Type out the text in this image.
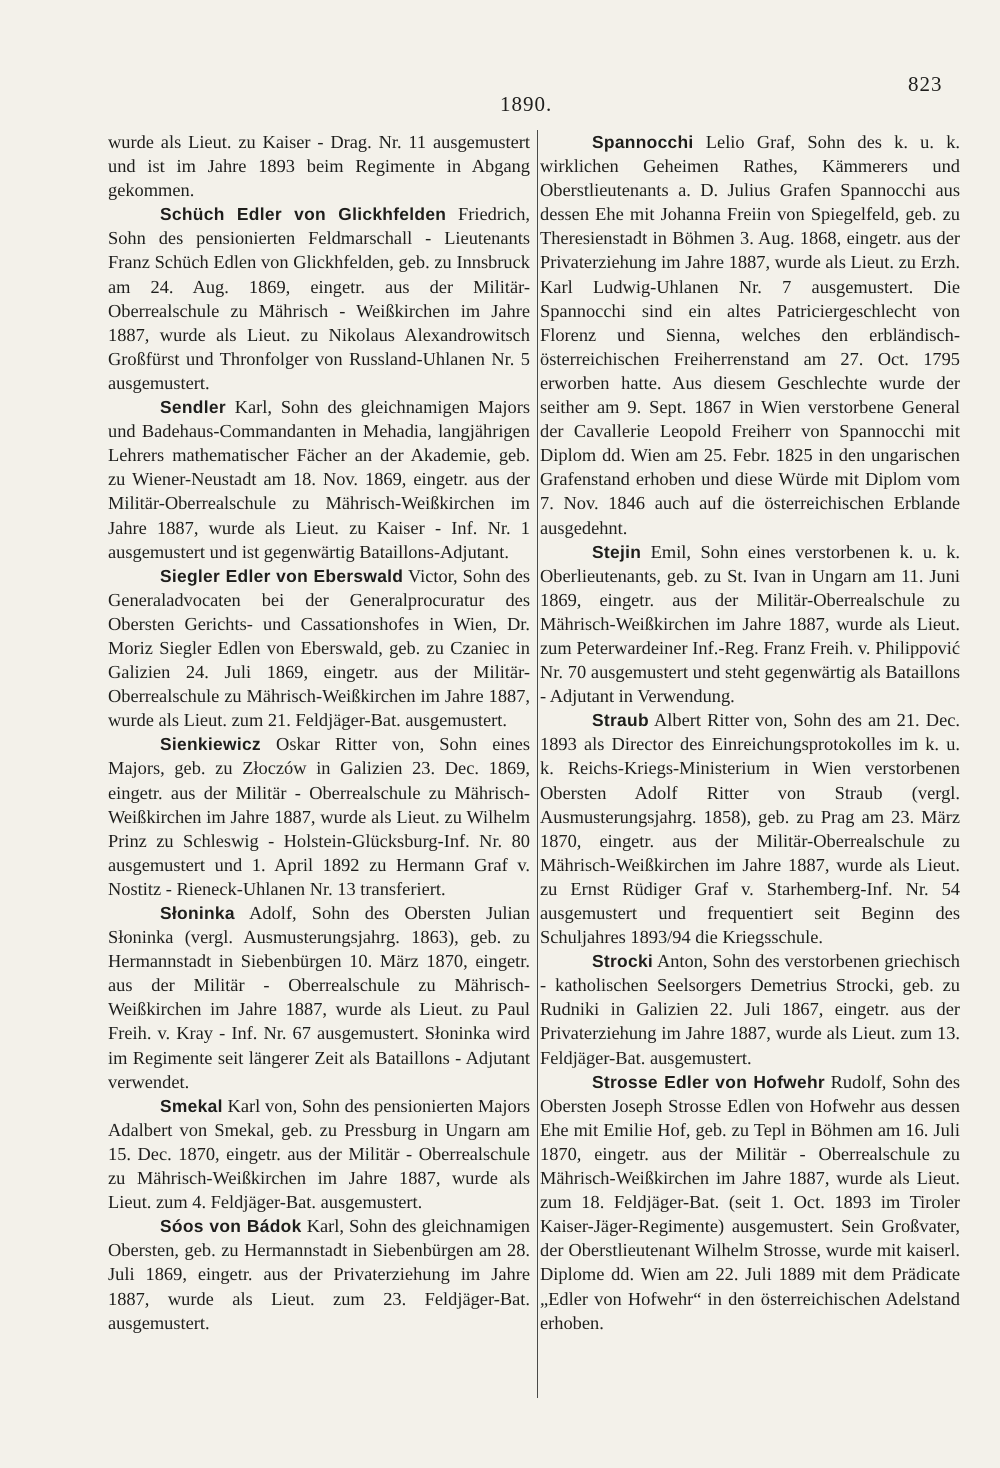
823
1890.

wurde als Lieut. zu Kaiser - Drag. Nr. 11 ausgemustert und ist im Jahre 1893 beim Regimente in Abgang gekommen.

Schüch Edler von Glickhfelden Friedrich, Sohn des pensionierten Feldmarschall - Lieutenants Franz Schüch Edlen von Glickhfelden, geb. zu Innsbruck am 24. Aug. 1869, eingetr. aus der Militär-Oberrealschule zu Mährisch - Weißkirchen im Jahre 1887, wurde als Lieut. zu Nikolaus Alexandrowitsch Großfürst und Thronfolger von Russland-Uhlanen Nr. 5 ausgemustert.

Sendler Karl, Sohn des gleichnamigen Majors und Badehaus-Commandanten in Mehadia, langjährigen Lehrers mathematischer Fächer an der Akademie, geb. zu Wiener-Neustadt am 18. Nov. 1869, eingetr. aus der Militär-Oberrealschule zu Mährisch-Weißkirchen im Jahre 1887, wurde als Lieut. zu Kaiser - Inf. Nr. 1 ausgemustert und ist gegenwärtig Bataillons-Adjutant.

Siegler Edler von Eberswald Victor, Sohn des Generaladvocaten bei der Generalprocuratur des Obersten Gerichts- und Cassationshofes in Wien, Dr. Moriz Siegler Edlen von Eberswald, geb. zu Czaniec in Galizien 24. Juli 1869, eingetr. aus der Militär-Oberrealschule zu Mährisch-Weißkirchen im Jahre 1887, wurde als Lieut. zum 21. Feldjäger-Bat. ausgemustert.

Sienkiewicz Oskar Ritter von, Sohn eines Majors, geb. zu Złoczów in Galizien 23. Dec. 1869, eingetr. aus der Militär - Oberrealschule zu Mährisch-Weißkirchen im Jahre 1887, wurde als Lieut. zu Wilhelm Prinz zu Schleswig - Holstein-Glücksburg-Inf. Nr. 80 ausgemustert und 1. April 1892 zu Hermann Graf v. Nostitz - Rieneck-Uhlanen Nr. 13 transferiert.

Słoninka Adolf, Sohn des Obersten Julian Słoninka (vergl. Ausmusterungsjahrg. 1863), geb. zu Hermannstadt in Siebenbürgen 10. März 1870, eingetr. aus der Militär - Oberrealschule zu Mährisch-Weißkirchen im Jahre 1887, wurde als Lieut. zu Paul Freih. v. Kray - Inf. Nr. 67 ausgemustert. Słoninka wird im Regimente seit längerer Zeit als Bataillons - Adjutant verwendet.

Smekal Karl von, Sohn des pensionierten Majors Adalbert von Smekal, geb. zu Pressburg in Ungarn am 15. Dec. 1870, eingetr. aus der Militär - Oberrealschule zu Mährisch-Weißkirchen im Jahre 1887, wurde als Lieut. zum 4. Feldjäger-Bat. ausgemustert.

Sóos von Bádok Karl, Sohn des gleichnamigen Obersten, geb. zu Hermannstadt in Siebenbürgen am 28. Juli 1869, eingetr. aus der Privaterziehung im Jahre 1887, wurde als Lieut. zum 23. Feldjäger-Bat. ausgemustert.

Spannocchi Lelio Graf, Sohn des k. u. k. wirklichen Geheimen Rathes, Kämmerers und Oberstlieutenants a. D. Julius Grafen Spannocchi aus dessen Ehe mit Johanna Freiin von Spiegelfeld, geb. zu Theresienstadt in Böhmen 3. Aug. 1868, eingetr. aus der Privaterziehung im Jahre 1887, wurde als Lieut. zu Erzh. Karl Ludwig-Uhlanen Nr. 7 ausgemustert. Die Spannocchi sind ein altes Patriciergeschlecht von Florenz und Sienna, welches den erbländisch-österreichischen Freiherrenstand am 27. Oct. 1795 erworben hatte. Aus diesem Geschlechte wurde der seither am 9. Sept. 1867 in Wien verstorbene General der Cavallerie Leopold Freiherr von Spannocchi mit Diplom dd. Wien am 25. Febr. 1825 in den ungarischen Grafenstand erhoben und diese Würde mit Diplom vom 7. Nov. 1846 auch auf die österreichischen Erblande ausgedehnt.

Stejin Emil, Sohn eines verstorbenen k. u. k. Oberlieutenants, geb. zu St. Ivan in Ungarn am 11. Juni 1869, eingetr. aus der Militär-Oberrealschule zu Mährisch-Weißkirchen im Jahre 1887, wurde als Lieut. zum Peterwardeiner Inf.-Reg. Franz Freih. v. Philippović Nr. 70 ausgemustert und steht gegenwärtig als Bataillons - Adjutant in Verwendung.

Straub Albert Ritter von, Sohn des am 21. Dec. 1893 als Director des Einreichungsprotokolles im k. u. k. Reichs-Kriegs-Ministerium in Wien verstorbenen Obersten Adolf Ritter von Straub (vergl. Ausmusterungsjahrg. 1858), geb. zu Prag am 23. März 1870, eingetr. aus der Militär-Oberrealschule zu Mährisch-Weißkirchen im Jahre 1887, wurde als Lieut. zu Ernst Rüdiger Graf v. Starhemberg-Inf. Nr. 54 ausgemustert und frequentiert seit Beginn des Schuljahres 1893/94 die Kriegsschule.

Strocki Anton, Sohn des verstorbenen griechisch - katholischen Seelsorgers Demetrius Strocki, geb. zu Rudniki in Galizien 22. Juli 1867, eingetr. aus der Privaterziehung im Jahre 1887, wurde als Lieut. zum 13. Feldjäger-Bat. ausgemustert.

Strosse Edler von Hofwehr Rudolf, Sohn des Obersten Joseph Strosse Edlen von Hofwehr aus dessen Ehe mit Emilie Hof, geb. zu Tepl in Böhmen am 16. Juli 1870, eingetr. aus der Militär - Oberrealschule zu Mährisch-Weißkirchen im Jahre 1887, wurde als Lieut. zum 18. Feldjäger-Bat. (seit 1. Oct. 1893 im Tiroler Kaiser-Jäger-Regimente) ausgemustert. Sein Großvater, der Oberstlieutenant Wilhelm Strosse, wurde mit kaiserl. Diplome dd. Wien am 22. Juli 1889 mit dem Prädicate „Edler von Hofwehr“ in den österreichischen Adelstand erhoben.
